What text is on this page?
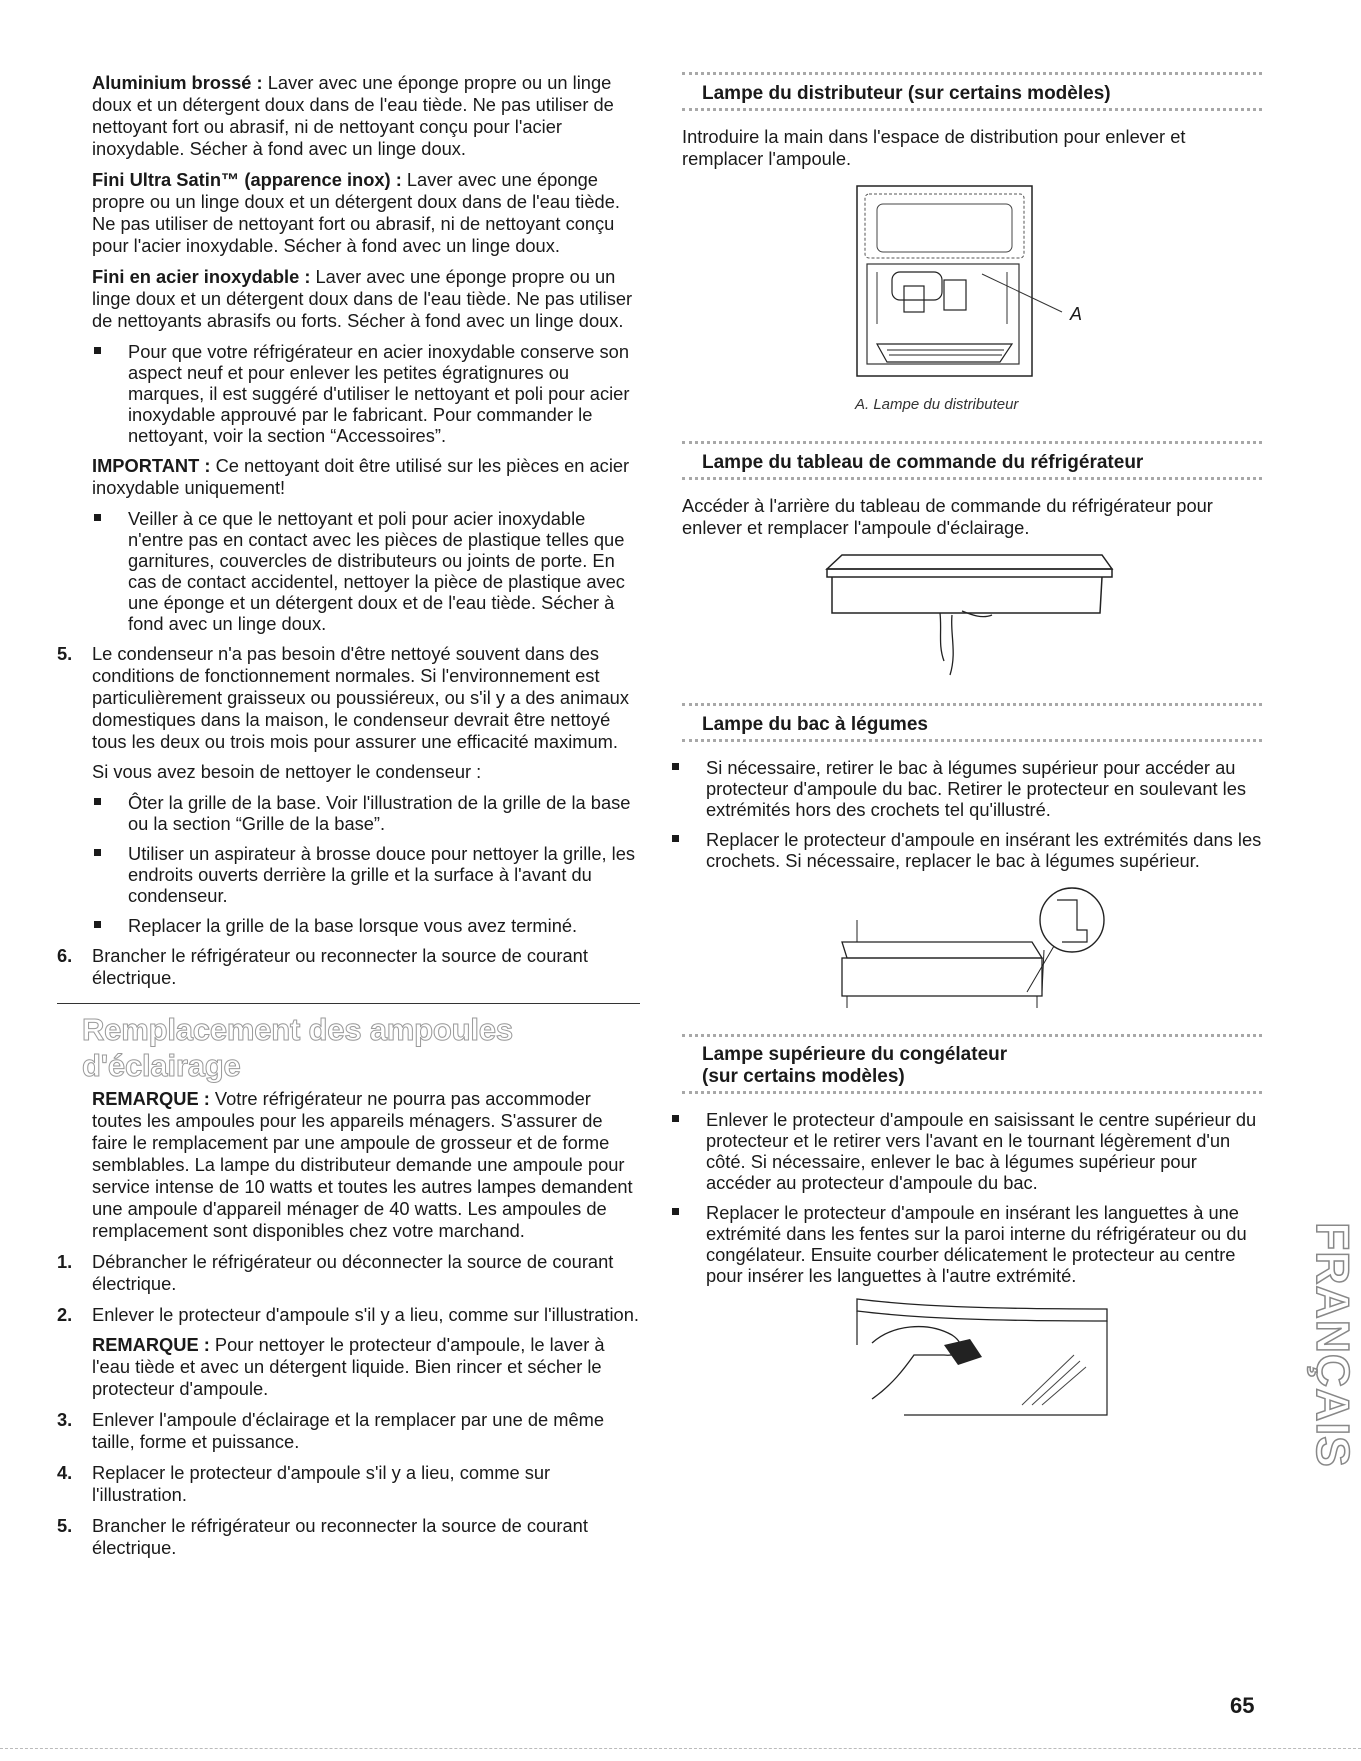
Aluminium brossé : Laver avec une éponge propre ou un linge doux et un détergent doux dans de l'eau tiède. Ne pas utiliser de nettoyant fort ou abrasif, ni de nettoyant conçu pour l'acier inoxydable. Sécher à fond avec un linge doux.

Fini Ultra Satin™ (apparence inox) : Laver avec une éponge propre ou un linge doux et un détergent doux dans de l'eau tiède. Ne pas utiliser de nettoyant fort ou abrasif, ni de nettoyant conçu pour l'acier inoxydable. Sécher à fond avec un linge doux.

Fini en acier inoxydable : Laver avec une éponge propre ou un linge doux et un détergent doux dans de l'eau tiède. Ne pas utiliser de nettoyants abrasifs ou forts. Sécher à fond avec un linge doux.

Pour que votre réfrigérateur en acier inoxydable conserve son aspect neuf et pour enlever les petites égratignures ou marques, il est suggéré d'utiliser le nettoyant et poli pour acier inoxydable approuvé par le fabricant. Pour commander le nettoyant, voir la section “Accessoires”.

IMPORTANT : Ce nettoyant doit être utilisé sur les pièces en acier inoxydable uniquement!

Veiller à ce que le nettoyant et poli pour acier inoxydable n'entre pas en contact avec les pièces de plastique telles que garnitures, couvercles de distributeurs ou joints de porte. En cas de contact accidentel, nettoyer la pièce de plastique avec une éponge et un détergent doux et de l'eau tiède. Sécher à fond avec un linge doux.
5. Le condenseur n'a pas besoin d'être nettoyé souvent dans des conditions de fonctionnement normales. Si l'environnement est particulièrement graisseux ou poussiéreux, ou s'il y a des animaux domestiques dans la maison, le condenseur devrait être nettoyé tous les deux ou trois mois pour assurer une efficacité maximum.
Si vous avez besoin de nettoyer le condenseur :
Ôter la grille de la base. Voir l'illustration de la grille de la base ou la section “Grille de la base”.
Utiliser un aspirateur à brosse douce pour nettoyer la grille, les endroits ouverts derrière la grille et la surface à l'avant du condenseur.
Replacer la grille de la base lorsque vous avez terminé.
6. Brancher le réfrigérateur ou reconnecter la source de courant électrique.
Remplacement des ampoules d'éclairage

REMARQUE : Votre réfrigérateur ne pourra pas accommoder toutes les ampoules pour les appareils ménagers. S'assurer de faire le remplacement par une ampoule de grosseur et de forme semblables. La lampe du distributeur demande une ampoule pour service intense de 10 watts et toutes les autres lampes demandent une ampoule d'appareil ménager de 40 watts. Les ampoules de remplacement sont disponibles chez votre marchand.

1. Débrancher le réfrigérateur ou déconnecter la source de courant électrique.
2. Enlever le protecteur d'ampoule s'il y a lieu, comme sur l'illustration.
REMARQUE : Pour nettoyer le protecteur d'ampoule, le laver à l'eau tiède et avec un détergent liquide. Bien rincer et sécher le protecteur d'ampoule.
3. Enlever l'ampoule d'éclairage et la remplacer par une de même taille, forme et puissance.
4. Replacer le protecteur d'ampoule s'il y a lieu, comme sur l'illustration.
5. Brancher le réfrigérateur ou reconnecter la source de courant électrique.
Lampe du distributeur (sur certains modèles)

Introduire la main dans l'espace de distribution pour enlever et remplacer l'ampoule.

A
A. Lampe du distributeur
Lampe du tableau de commande du réfrigérateur

Accéder à l'arrière du tableau de commande du réfrigérateur pour enlever et remplacer l'ampoule d'éclairage.

Lampe du bac à légumes
Si nécessaire, retirer le bac à légumes supérieur pour accéder au protecteur d'ampoule du bac. Retirer le protecteur en soulevant les extrémités hors des crochets tel qu'illustré.
Replacer le protecteur d'ampoule en insérant les extrémités dans les crochets. Si nécessaire, replacer le bac à légumes supérieur.
Lampe supérieure du congélateur
(sur certains modèles)
Enlever le protecteur d'ampoule en saisissant le centre supérieur du protecteur et le retirer vers l'avant en le tournant légèrement d'un côté. Si nécessaire, enlever le bac à légumes supérieur pour accéder au protecteur d'ampoule du bac.
Replacer le protecteur d'ampoule en insérant les languettes à une extrémité dans les fentes sur la paroi interne du réfrigérateur ou du congélateur. Ensuite courber délicatement le protecteur au centre pour insérer les languettes à l'autre extrémité.	FRANÇAIS
65
